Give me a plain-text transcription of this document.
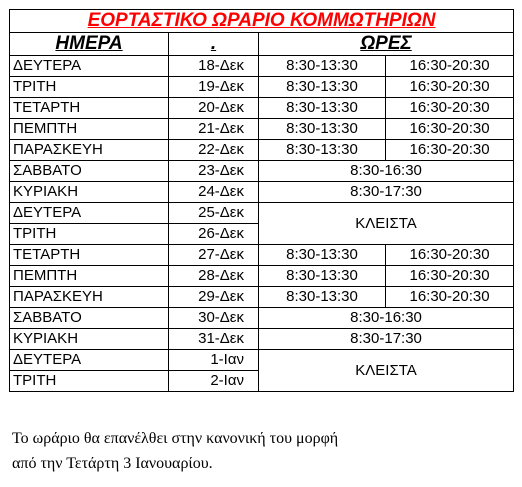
ΕΟΡΤΑΣΤΙΚΟ ΩΡΑΡΙΟ ΚΟΜΜΩΤΗΡΙΩΝ			
ΗΜΕΡΑ	.	ΩΡΕΣ	
ΔΕΥΤΕΡΑ	18-Δεκ	8:30-13:30	16:30-20:30
ΤΡΙΤΗ	19-Δεκ	8:30-13:30	16:30-20:30
ΤΕΤΑΡΤΗ	20-Δεκ	8:30-13:30	16:30-20:30
ΠΕΜΠΤΗ	21-Δεκ	8:30-13:30	16:30-20:30
ΠΑΡΑΣΚΕΥΗ	22-Δεκ	8:30-13:30	16:30-20:30
ΣΑΒΒΑΤΟ	23-Δεκ	8:30-16:30	
ΚΥΡΙΑΚΗ	24-Δεκ	8:30-17:30	
ΔΕΥΤΕΡΑ	25-Δεκ	ΚΛΕΙΣΤΑ	
ΤΡΙΤΗ	26-Δεκ		
ΤΕΤΑΡΤΗ	27-Δεκ	8:30-13:30	16:30-20:30
ΠΕΜΠΤΗ	28-Δεκ	8:30-13:30	16:30-20:30
ΠΑΡΑΣΚΕΥΗ	29-Δεκ	8:30-13:30	16:30-20:30
ΣΑΒΒΑΤΟ	30-Δεκ	8:30-16:30	
ΚΥΡΙΑΚΗ	31-Δεκ	8:30-17:30	
ΔΕΥΤΕΡΑ	1-Ιαν	ΚΛΕΙΣΤΑ	
ΤΡΙΤΗ	2-Ιαν		

Το ωράριο θα επανέλθει στην κανονική του μορφή
από την Τετάρτη 3 Ιανουαρίου.
